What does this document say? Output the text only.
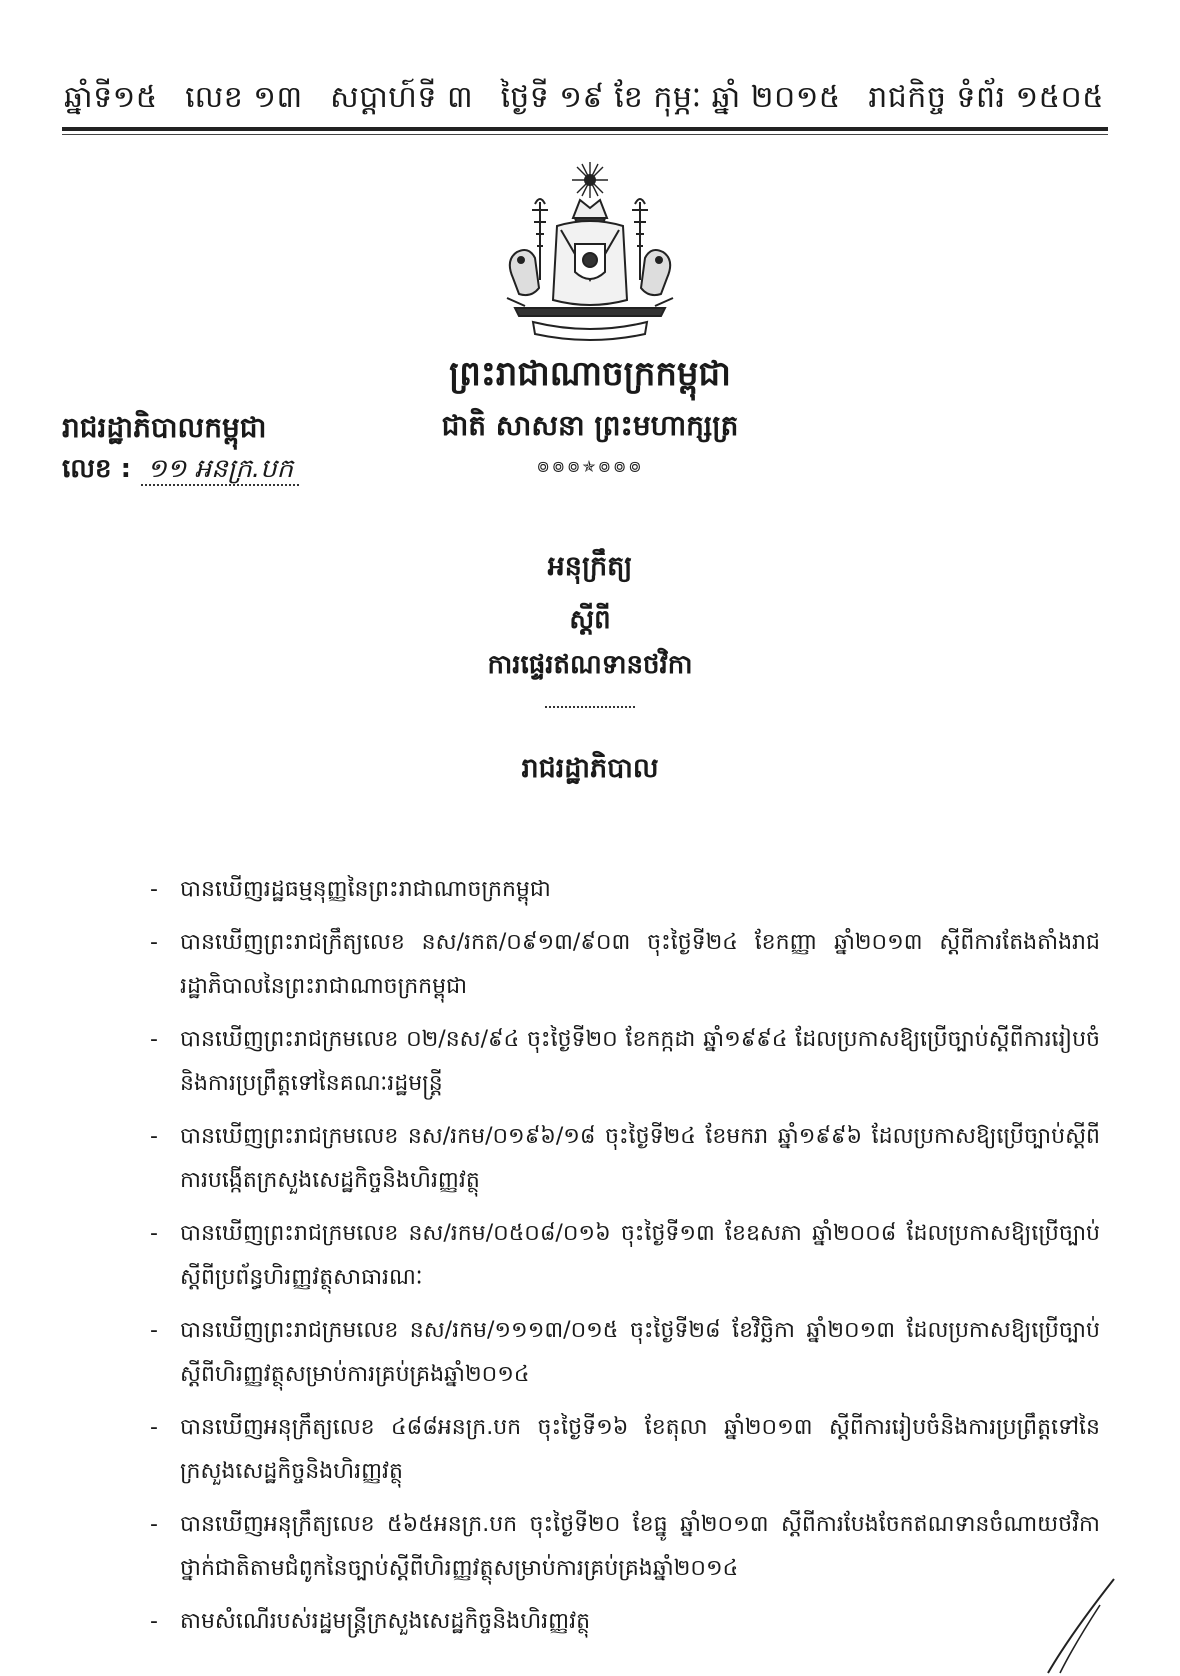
ឆ្នាំទី១៥ លេខ ១៣ សប្តាហ៍ទី ៣ ថ្ងៃទី ១៩ ខែ កុម្ភៈ ឆ្នាំ ២០១៥ រាជកិច្ច ទំព័រ ១៥០៥
ព្រះរាជាណាចក្រកម្ពុជា
ជាតិ សាសនា ព្រះមហាក្សត្រ
៙៙៙✯៙៙៙
រាជរដ្ឋាភិបាលកម្ពុជា
លេខ : ១១ អនក្រ.បក
អនុក្រឹត្យ
ស្តីពី
ការផ្ទេរឥណទានថវិកា
រាជរដ្ឋាភិបាល
- បានឃើញរដ្ឋធម្មនុញ្ញនៃព្រះរាជាណាចក្រកម្ពុជា
- បានឃើញព្រះរាជក្រឹត្យលេខ នស/រកត/០៩១៣/៩០៣ ចុះថ្ងៃទី២៤ ខែកញ្ញា ឆ្នាំ២០១៣ ស្តីពីការតែងតាំងរាជរដ្ឋាភិបាលនៃព្រះរាជាណាចក្រកម្ពុជា
- បានឃើញព្រះរាជក្រមលេខ ០២/នស/៩៤ ចុះថ្ងៃទី២០ ខែកក្កដា ឆ្នាំ១៩៩៤ ដែលប្រកាសឱ្យប្រើច្បាប់ស្តីពីការរៀបចំនិងការប្រព្រឹត្តទៅនៃគណៈរដ្ឋមន្ត្រី
- បានឃើញព្រះរាជក្រមលេខ នស/រកម/០១៩៦/១៨ ចុះថ្ងៃទី២៤ ខែមករា ឆ្នាំ១៩៩៦ ដែលប្រកាសឱ្យប្រើច្បាប់ស្តីពីការបង្កើតក្រសួងសេដ្ឋកិច្ចនិងហិរញ្ញវត្ថុ
- បានឃើញព្រះរាជក្រមលេខ នស/រកម/០៥០៨/០១៦ ចុះថ្ងៃទី១៣ ខែឧសភា ឆ្នាំ២០០៨ ដែលប្រកាសឱ្យប្រើច្បាប់ស្តីពីប្រព័ន្ធហិរញ្ញវត្ថុសាធារណៈ
- បានឃើញព្រះរាជក្រមលេខ នស/រកម/១១១៣/០១៥ ចុះថ្ងៃទី២៨ ខែវិច្ឆិកា ឆ្នាំ២០១៣ ដែលប្រកាសឱ្យប្រើច្បាប់ស្តីពីហិរញ្ញវត្ថុសម្រាប់ការគ្រប់គ្រងឆ្នាំ២០១៤
- បានឃើញអនុក្រឹត្យលេខ ៤៨៨អនក្រ.បក ចុះថ្ងៃទី១៦ ខែតុលា ឆ្នាំ២០១៣ ស្តីពីការរៀបចំនិងការប្រព្រឹត្តទៅនៃក្រសួងសេដ្ឋកិច្ចនិងហិរញ្ញវត្ថុ
- បានឃើញអនុក្រឹត្យលេខ ៥៦៥អនក្រ.បក ចុះថ្ងៃទី២០ ខែធ្នូ ឆ្នាំ២០១៣ ស្តីពីការបែងចែកឥណទានចំណាយថវិកាថ្នាក់ជាតិតាមជំពូកនៃច្បាប់ស្តីពីហិរញ្ញវត្ថុសម្រាប់ការគ្រប់គ្រងឆ្នាំ២០១៤
- តាមសំណើរបស់រដ្ឋមន្ត្រីក្រសួងសេដ្ឋកិច្ចនិងហិរញ្ញវត្ថុ
